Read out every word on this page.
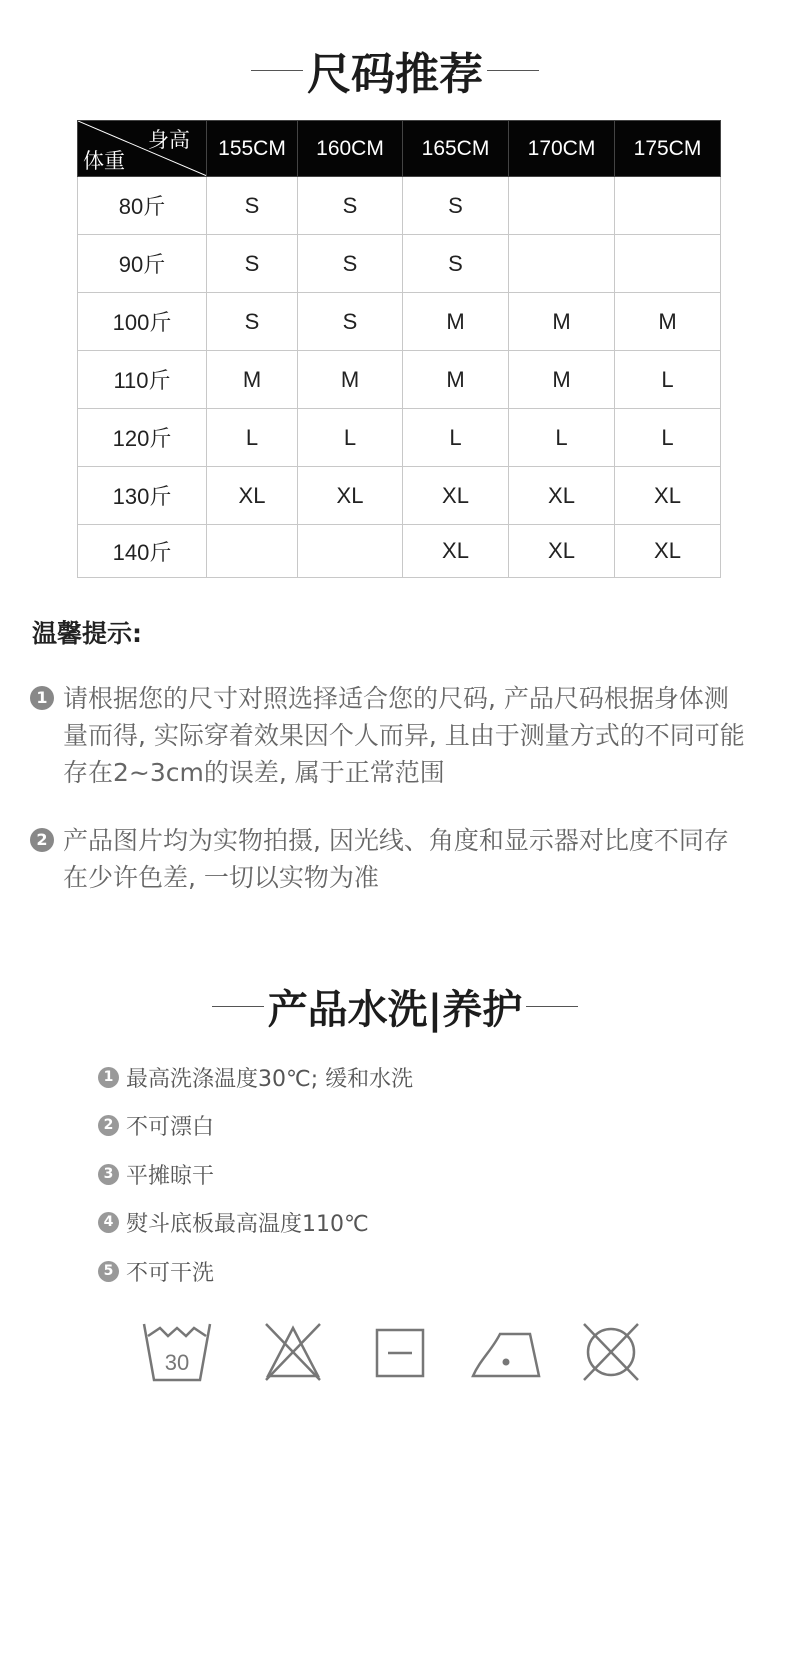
尺码推荐
身高
体重	155CM	160CM	165CM	170CM	175CM
80斤	S	S	S		
90斤	S	S	S		
100斤	S	S	M	M	M
110斤	M	M	M	M	L
120斤	L	L	L	L	L
130斤	XL	XL	XL	XL	XL
140斤			XL	XL	XL
温馨提示:
1 请根据您的尺寸对照选择适合您的尺码, 产品尺码根据身体测量而得, 实际穿着效果因个人而异, 且由于测量方式的不同可能存在2~3cm的误差, 属于正常范围
2 产品图片均为实物拍摄, 因光线、角度和显示器对比度不同存在少许色差, 一切以实物为准
产品水洗|养护
1 最高洗涤温度30℃; 缓和水洗
2 不可漂白
3 平摊晾干
4 熨斗底板最高温度110℃
5 不可干洗
30
